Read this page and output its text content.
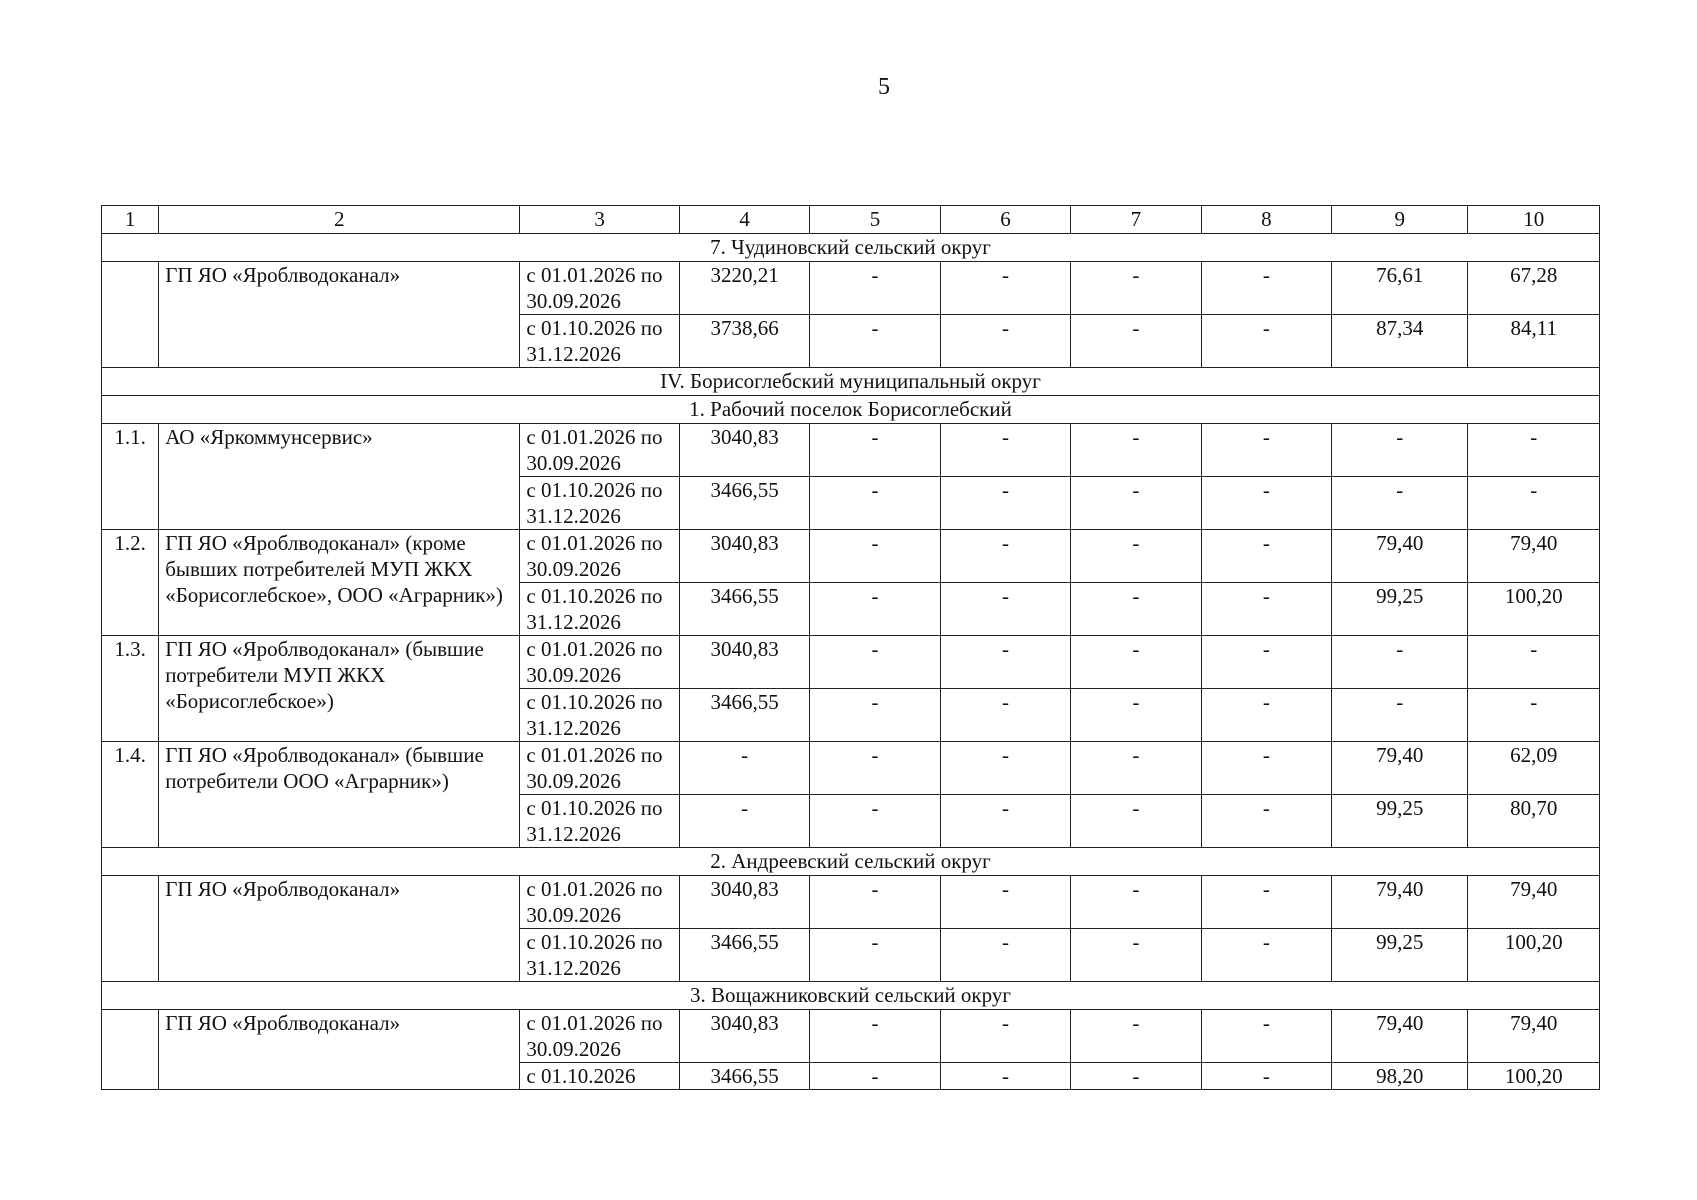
5
1	2	3	4	5	6	7	8	9	10
7. Чудиновский сельский округ									
	ГП ЯО «Яроблводоканал»	с 01.01.2026 по 30.09.2026	3220,21	-	-	-	-	76,61	67,28
		с 01.10.2026 по 31.12.2026	3738,66	-	-	-	-	87,34	84,11
IV. Борисоглебский муниципальный округ									
1. Рабочий поселок Борисоглебский									
1.1.	АО «Яркоммунсервис»	с 01.01.2026 по 30.09.2026	3040,83	-	-	-	-	-	-
		с 01.10.2026 по 31.12.2026	3466,55	-	-	-	-	-	-
1.2.	ГП ЯО «Яроблводоканал» (кроме бывших потребителей МУП ЖКХ «Борисоглебское», ООО «Аграрник»)	с 01.01.2026 по 30.09.2026	3040,83	-	-	-	-	79,40	79,40
		с 01.10.2026 по 31.12.2026	3466,55	-	-	-	-	99,25	100,20
1.3.	ГП ЯО «Яроблводоканал» (бывшие потребители МУП ЖКХ «Борисоглебское»)	с 01.01.2026 по 30.09.2026	3040,83	-	-	-	-	-	-
		с 01.10.2026 по 31.12.2026	3466,55	-	-	-	-	-	-
1.4.	ГП ЯО «Яроблводоканал» (бывшие потребители ООО «Аграрник»)	с 01.01.2026 по 30.09.2026	-	-	-	-	-	79,40	62,09
		с 01.10.2026 по 31.12.2026	-	-	-	-	-	99,25	80,70
2. Андреевский сельский округ									
	ГП ЯО «Яроблводоканал»	с 01.01.2026 по 30.09.2026	3040,83	-	-	-	-	79,40	79,40
		с 01.10.2026 по 31.12.2026	3466,55	-	-	-	-	99,25	100,20
3. Вощажниковский сельский округ									
	ГП ЯО «Яроблводоканал»	с 01.01.2026 по 30.09.2026	3040,83	-	-	-	-	79,40	79,40
		с 01.10.2026	3466,55	-	-	-	-	98,20	100,20
